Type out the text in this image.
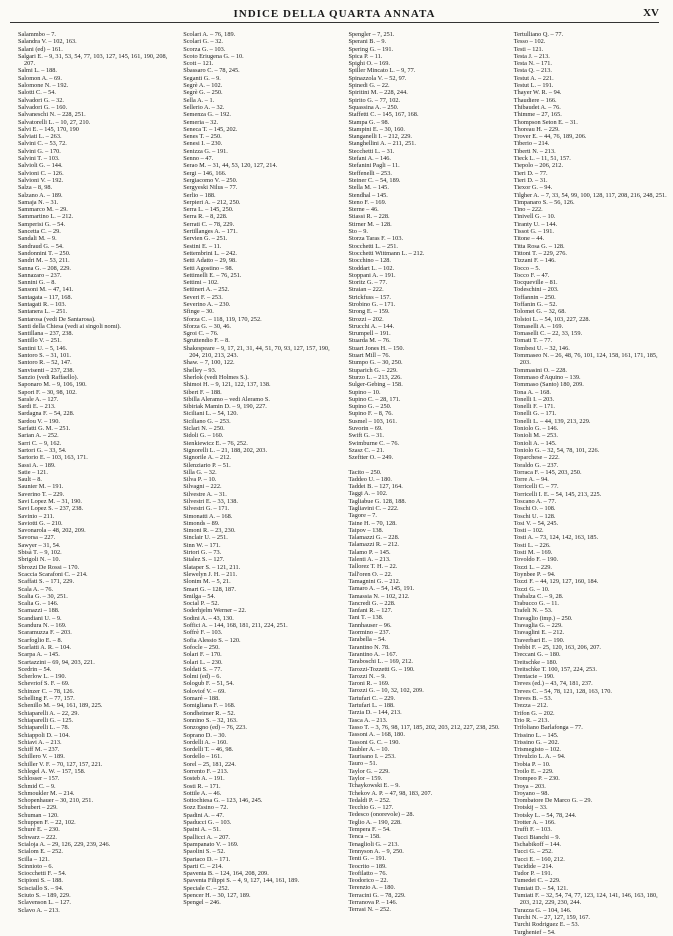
INDICE DELLA QUARTA ANNATA	XV
Salammbo – 7.
Salandra V. – 102, 163.
Salani (ed) – 161.
Salgari E. – 9, 31, 53, 54, 77, 103, 127, 145, 161, 190, 208, 207.
Salmi L. – 188.
Salomon A. – 69.
Salomone N. – 192.
Salotti C. – 54.
Salvadori G. – 32.
Salvadori G. – 160.
Salvaneschi N. – 228, 251.
Salvatorelli L. – 10, 27, 210.
Salvi E. – 145, 170, 190
Salviati L. – 263.
Salvini C. – 53, 72.
Salvini G. – 170.
Salvini T. – 103.
Salvioli G. – 144.
Salvioni C. – 126.
Salvioni V. – 192.
Salza – 8, 98.
Salzano A. – 189.
Samaja N. – 31.
Sammarco M. – 29.
Sammartino L. – 212.
Samperisi G. – 54.
Sancetta C. – 29.
Sandali M. – 9.
Sandraud G. – 54.
Sandonnini T. – 250.
Sandri M. – 53, 211.
Sanna G. – 208, 229.
Sannazaro – 237.
Sannini G. – 8.
Sansoni M. – 47, 141.
Santagata – 117, 168.
Santagati R. – 103.
Santanera L. – 251.
Santarosa (vedi De Santarosa).
Santi della Chiesa (vedi ai singoli nomi).
Santillana – 237, 238.
Santillo V. – 251.
Santini U. – 5, 146.
Santoro S. – 31, 101.
Santoro R. – 52, 147.
Sanvisenti – 237, 238.
Sanzio (vedi Raffaello).
Saponaro M. – 9, 106, 190.
Sapori F. – 30, 98, 102.
Sarale A. – 127.
Sardi E. – 213.
Sardagna F. – 54, 228.
Sardou V. – 190.
Sarfatti G. M. – 251.
Sarian A. – 252.
Sarri C. – 9, 162.
Sartori G. – 33, 54.
Sartorio E. – 103, 163, 171.
Sassi A. – 189.
Satie – 121.
Sault – 8.
Saunier M. – 191.
Saverino T. – 229.
Savi Lopez M. – 31, 190.
Savi Lopez S. – 237, 238.
Savinio – 211.
Saviotti G. – 210.
Savonarola – 48, 202, 209.
Savorsa – 227.
Sawyer – 31, 54.
Sbisà T. – 9, 102.
Sbrigoli N. – 10.
Sbrozzi De Rossi – 170.
Scaccia Scarafoni C. – 214.
Scaffati S. – 171, 229.
Scala A. – 76.
Scalia G. – 30, 251.
Scalia G. – 146.
Scamazzi – 188.
Scandiani U. – 9.
Scandura N. – 169.
Scaramuzza F. – 203.
Scarfoglio E. – 8.
Scarlatti A. R. – 104.
Scarpa A. – 145.
Scartazzini – 69, 94, 203, 221.
Scedrin – 54.
Scherlow L. – 190.
Schevriof S. F. – 69.
Schinzer C. – 78, 126.
Schelling F. – 77, 157.
Schenillo M. – 94, 161, 189, 225.
Schiaparelli A. – 22, 29.
Schiaparelli G. – 125.
Schiaparelli L. – 78.
Schiappoli D. – 104.
Schiavi A. – 213.
Schiff M. – 237.
Schillero V. – 189.
Schiller V. F. – 70, 127, 157, 221.
Schlegel A. W. – 157, 158.
Schlosser – 157.
Schmid C. – 9.
Schmoukler M. – 214.
Schopenhauer – 30, 210, 251.
Schubert – 229.
Schuman – 120.
Schuppen F. – 22, 102.
Schuré E. – 230.
Schwarz – 222.
Scialoja A. – 29, 126, 229, 239, 246.
Scialom E. – 252.
Scilla – 121.
Scinnioto – 6.
Sciocchetti F. – 54.
Scipioni S. – 188.
Scisciallo S. – 94.
Sciuto S. – 189, 229.
Sclavenson L. – 127.
Sclavo A. – 213.
Scolari A. – 76, 189.
Scolari G. – 32.
Scorza G. – 103.
Scoto Eriugena G. – 10.
Scott – 121.
Sbassaro C. – 78, 245.
Seganti G. – 9.
Segrè A. – 102.
Segrè G. – 250.
Sella A. – 1.
Sellerio A. – 32.
Semenza G. – 192.
Semeria – 32.
Seneca T. – 145, 202.
Senes T. – 250.
Senesi I. – 230.
Senizza G. – 191.
Senno – 47.
Serao M. – 31, 44, 53, 120, 127, 214.
Sergi – 146, 166.
Sergiacomo V. – 250.
Sergyeski Nilus – 77.
Serlio – 188.
Serpieri A. – 212, 250.
Serra L. – 145, 250.
Serra R. – 8, 228.
Serrati C. – 78, 229.
Sertillanges A. – 171.
Servien G. – 251.
Sestini E. – 11.
Settembrini L. – 242.
Setti Adatto – 29, 98.
Setti Agostino – 98.
Settimelli E. – 76, 251.
Settimi – 102.
Settineri A. – 252.
Severi F. – 253.
Severino A. – 230.
Sfinge – 30.
Sforza C. – 118, 119, 170, 252.
Sforza G. – 30, 46.
Sgroi C. – 76.
Sgruttendio F. – 8.
Shakespeare – 9, 17, 21, 31, 44, 51, 70, 93, 127, 157, 190, 204, 210, 213, 243.
Shaw. – 7, 100, 122.
Shelley – 93.
Sherlok (vedi Holmes S.).
Shimoi H. – 9, 121, 122, 137, 138.
Sibert F. – 188.
Sibilla Aleramo – vedi Aleramo S.
Sibiriak Mamin D. – 9, 190, 227.
Siciliani L. – 54, 120.
Siciliano G. – 253.
Siclari N. – 250.
Sidoli G. – 160.
Sienkiewicz E. – 76, 252.
Signorelli L. – 21, 188, 202, 203.
Signorile A. – 212.
Silenziario P. – 51.
Silla G. – 32.
Silva P. – 10.
Silvagni – 222.
Silvestre A. – 31.
Silvestri E. – 33, 138.
Silvestri G. – 171.
Simonatti A. – 168.
Simonds – 89.
Simoni R. – 23, 230.
Sinclair U. – 251.
Sinn W. – 171.
Sirtori G. – 73.
Sitalez S. – 127.
Slataper S. – 121, 211.
Slewelyn J. H. – 211.
Slonim M. – 5, 21.
Smart G. – 128, 187.
Smilga – 54.
Social P. – 52.
Soderhjelm Werner – 22.
Sodini A. – 43, 130.
Soffici A. – 144, 168, 181, 211, 224, 251.
Soffrè F. – 103.
Sofia Alessio S. – 120.
Sofocle – 250.
Solari F. – 170.
Solari L. – 230.
Soldati S. – 77.
Solmi (ed) – 6.
Sologub F. – 51, 54.
Soloviof V. – 69.
Somaré – 188.
Somigliana F. – 168.
Sondheimer R. – 52.
Sonnino S. – 32, 163.
Sonzogno (ed) – 76, 223.
Soprano D. – 30.
Sordelli A. – 160.
Sordelli T. – 46, 98.
Sordello – 161.
Sorel – 25, 181, 224.
Sorrento F. – 213.
Sosteb A. – 191.
Sosti R. – 171.
Sottile A. – 46.
Sottochiesa G. – 123, 146, 245.
Sozz Essino – 72.
Spadini A. – 47.
Spaducci G. – 103.
Spaini A. – 51.
Spallicci A. – 207.
Spampanato V. – 169.
Spaolini S. – 52.
Spartaco D. – 171.
Sparti C. – 214.
Spaventa B. – 124, 164, 208, 209.
Spaventa Filippi S. – 4, 9, 127, 144, 161, 189.
Speciale C. – 252.
Spencer H. – 30, 127, 189.
Spengel – 246.
Spengler – 7, 251.
Sperani B. – 9.
Spering G. – 191.
Spica P. – 11.
Spighi O. – 169.
Spiller Mincato L. – 9, 77.
Spinazzola V. – 52, 97.
Spinedi G. – 22.
Spiritini M. – 228, 244.
Spirito G. – 77, 102.
Squassina A. – 250.
Staffetti C. – 145, 167, 168.
Stampa G. – 98.
Stampini E. – 30, 160.
Stanganelli I. – 212, 229.
Stanghellini A. – 211, 251.
Stecchetti L. – 31.
Stefani A. – 146.
Stefanini Pagli – 11.
Steffenelli – 253.
Steiner C. – 54, 189.
Stella M. – 145.
Stendhal – 145.
Steno F. – 169.
Sterne – 46.
Stiassi R. – 228.
Stirner M. – 128.
Sto – 9.
Storza Taras F. – 103.
Stocchetti L. – 251.
Stocchetti Wittmann L. – 212.
Stocchino – 128.
Stoddart L. – 102.
Stoppani A. – 191.
Storitz G. – 77.
Straian – 222.
Strickfuss – 157.
Strobino G. – 171.
Strong E. – 159.
Strozzi – 202.
Strucchi A. – 144.
Strumpell – 191.
Stuarda M. – 76.
Stuart Jones H. – 150.
Stuart Mill – 76.
Stumpo G. – 30, 250.
Stuparich G. – 229.
Sturzo L. – 213, 226.
Sulger-Gebing – 158.
Supino – 10.
Supino C. – 28, 171.
Supino G. – 250.
Supino F. – 8, 76.
Susmel – 103, 161.
Suvorin – 69.
Swift G. – 31.
Swimburne C. – 76.
Szasz C. – 21.
Szeftter O. – 249.
Tacito – 250.
Taddeo U. – 180.
Taddei B. – 127, 164.
Taggi A. – 102.
Tagliabue G. 128, 188.
Tagliavini C. – 222.
Tagore – 7.
Taine H. – 70, 128.
Taipov – 138.
Talamazzi G. – 228.
Talamazzi R. – 212.
Talamo P. – 145.
Talenti A. – 213.
Tallorez T. H. – 22.
Tall'oren O. – 22.
Tamagnini G. – 212.
Tamaro A. – 54, 145, 191.
Tamassia N. – 102, 212.
Tancredi G. – 228.
Tanfani R. – 127.
Tani T. – 138.
Tannhauser – 96.
Taormino – 237.
Tarabella – 54.
Tarantino N. 78.
Tarantino A. – 167.
Taraboschi L. – 169, 212.
Tarozzi-Tozzetti G. – 190.
Tarozzi N. – 9.
Taroni R. – 169.
Tarozzi G. – 10, 32, 102, 209.
Tartufari C. – 229.
Tartufari L. – 188.
Tarzia D. – 144, 213.
Tasca A. – 213.
Tasso T. – 3, 76, 98, 117, 185, 202, 203, 212, 227, 238, 250.
Tassoni A. – 168, 180.
Tassoni G. C. – 190.
Taubler A. – 10.
Taurisano I. – 253.
Tauro – 51.
Taylor G. – 229.
Taylor – 159.
Tchaykowski E. – 9.
Tchekov A. P. – 47, 98, 183, 207.
Tedaldi P. – 252.
Tecchio G. – 127.
Tedesco (onorevole) – 28.
Teglio A. – 190, 228.
Tempera F. – 54.
Tenca – 158.
Tenaglioli G. – 213.
Tennyson A. – 9, 250.
Tenti G. – 191.
Teocrito – 189.
Teofilatto – 76.
Teodorico – 22.
Terenzio A. – 180.
Terracini G. – 78, 229.
Terranova P. – 146.
Terrasi N. – 252.
Tertulliano Q. – 77.
Tesso – 102.
Testi – 121.
Testa J. – 213.
Testa N. – 171.
Testa Q. – 213.
Testut A. – 221.
Testut L. – 191.
Thayer W. R. – 94.
Thaudiere – 166.
Thibaudet A. – 76.
Thimme – 27, 165.
Thompson Seton E. – 31.
Thoreau H. – 229.
Trover E. – 44, 76, 189, 206.
Tiberio – 214.
Tiberti N. – 213.
Tieck L. – 11, 51, 157.
Tiepolo – 206, 212.
Tieri D. – 77.
Tieri D. – 31.
Tiexor G. – 94.
Tilgher A. – 7, 33, 54, 99, 100, 128, 117, 208, 216, 248, 251.
Timpanaro S. – 56, 126.
Tino – 222.
Tinivell G. – 10.
Tiranty U. – 144.
Tissot G. – 191.
Titone – 44.
Titta Rosa G. – 128.
Tittoni T. – 229, 276.
Tizzani F. – 146.
Tocco – 5.
Tocco F. – 47.
Tocqueville – 81.
Todeschini – 203.
Toffannin – 250.
Toffanin G. – 52.
Tolomei G. – 32, 68.
Tolstoi L. – 54, 103, 227, 228.
Tomaselli A. – 169.
Tomaselli C. – 22, 33, 159.
Tomati T. – 77.
Tombesi U. – 32, 146.
Tommaseo N. – 26, 48, 76, 101, 124, 158, 161, 171, 185, 203.
Tommasini O. – 228.
Tommaso d'Aquino – 139.
Tommaso (Santo) 180, 209.
Tona A. – 168.
Tonelli I. – 203.
Tonelli F. – 171.
Tonelli G. – 171.
Tonelli L. – 44, 139, 213, 229.
Toniolo G. – 146.
Tonioli M. – 253.
Tonioli A. – 145.
Toniolo G. – 32, 54, 78, 101, 226.
Toparchese – 222.
Toraldo G. – 237.
Torraca F. – 145, 203, 250.
Torre A. – 94.
Torricelli C. – 77.
Torricelli I. E. – 54, 145, 213, 225.
Toscano A. – 77.
Toschi O. – 108.
Toschi U. – 128.
Tosi V. – 54, 245.
Tosti – 102.
Tosti A. – 73, 124, 142, 163, 185.
Tosti L. – 226.
Tosti M. – 169.
Tovoldo F. – 190.
Tozzi L. – 229.
Toynbee P. – 94.
Tozzi F. – 44, 129, 127, 160, 184.
Tozzi G. – 10.
Trabalza C. – 9, 28.
Trabucco G. – 11.
Trafeli N. – 53.
Travaglio (imp.) – 250.
Travaglia G. – 229.
Travaglini E. – 212.
Traverbari E. – 190.
Trebbi F. – 25, 120, 163, 206, 207.
Treccani G. – 180.
Treitschke – 180.
Treitschke T. 100, 157, 224, 253.
Trentacie – 190.
Treves (ed.) – 43, 74, 181, 237.
Treves C. – 54, 78, 121, 128, 163, 170.
Treves B. – 53.
Trezza – 212.
Trifon G. – 202.
Trio R. – 213.
Trifoliano Barlafonga – 77.
Trissino L. – 145.
Trissino G. – 202.
Trismegisto – 102.
Trivulzio L. A. – 94.
Trobia P. – 10.
Troilo E. – 229.
Trompeo P. – 230.
Troya – 203.
Troyano – 98.
Trombatore De Marco G. – 29.
Trotskij – 33.
Trotsky L. – 54, 78, 244.
Trotter A. – 166.
Truffi F. – 103.
Tucci Bianchi – 9.
Tschabikoff – 144.
Tucci G. – 252.
Tucci E. – 160, 212.
Tucidide – 214.
Tudor P. – 191.
Tumedei C. – 229.
Tumiati D. – 54, 121.
Tumiati F. – 32, 54, 74, 77, 123, 124, 141, 146, 163, 180, 203, 212, 229, 230, 244.
Turazza G. – 104, 146.
Turchi N. – 27, 127, 159, 167.
Turchi Rodriguez E. – 53.
Turghenief – 54.
